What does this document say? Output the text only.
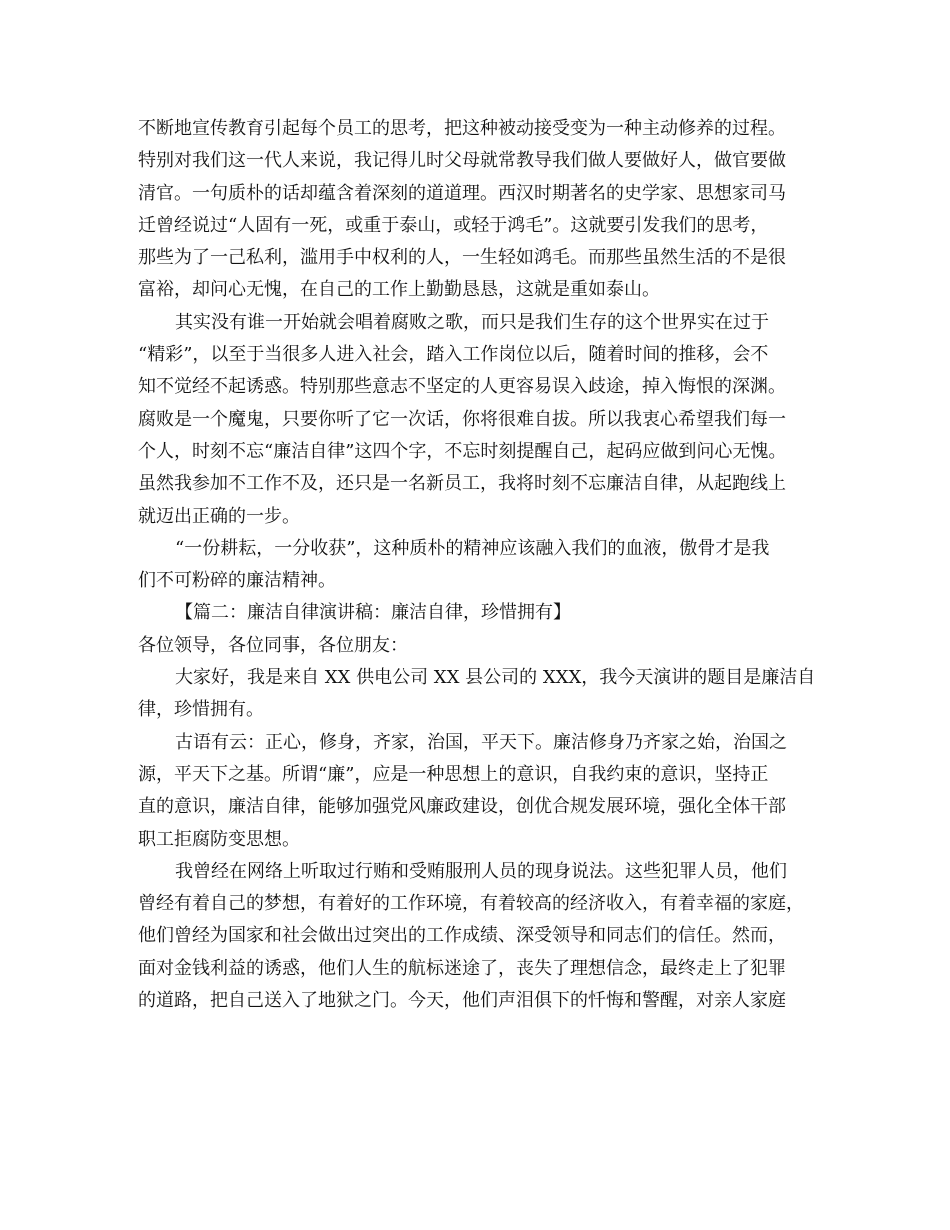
不断地宣传教育引起每个员工的思考，把这种被动接受变为一种主动修养的过程。
特别对我们这一代人来说，我记得儿时父母就常教导我们做人要做好人，做官要做
清官。一句质朴的话却蕴含着深刻的道道理。西汉时期著名的史学家、思想家司马
迁曾经说过“人固有一死，或重于泰山，或轻于鸿毛”。这就要引发我们的思考，
那些为了一己私利，滥用手中权利的人，一生轻如鸿毛。而那些虽然生活的不是很
富裕，却问心无愧，在自己的工作上勤勤恳恳，这就是重如泰山。
其实没有谁一开始就会唱着腐败之歌，而只是我们生存的这个世界实在过于
“精彩”，以至于当很多人进入社会，踏入工作岗位以后，随着时间的推移，会不
知不觉经不起诱惑。特别那些意志不坚定的人更容易误入歧途，掉入悔恨的深渊。
腐败是一个魔鬼，只要你听了它一次话，你将很难自拔。所以我衷心希望我们每一
个人，时刻不忘“廉洁自律”这四个字，不忘时刻提醒自己，起码应做到问心无愧。
虽然我参加不工作不及，还只是一名新员工，我将时刻不忘廉洁自律，从起跑线上
就迈出正确的一步。
“一份耕耘，一分收获”，这种质朴的精神应该融入我们的血液，傲骨才是我
们不可粉碎的廉洁精神。
【篇二：廉洁自律演讲稿：廉洁自律，珍惜拥有】
各位领导，各位同事，各位朋友：
大家好，我是来自 XX 供电公司 XX 县公司的 XXX，我今天演讲的题目是廉洁自
律，珍惜拥有。
古语有云：正心，修身，齐家，治国，平天下。廉洁修身乃齐家之始，治国之
源，平天下之基。所谓“廉”，应是一种思想上的意识，自我约束的意识，坚持正
直的意识，廉洁自律，能够加强党风廉政建设，创优合规发展环境，强化全体干部
职工拒腐防变思想。
我曾经在网络上听取过行贿和受贿服刑人员的现身说法。这些犯罪人员，他们
曾经有着自己的梦想，有着好的工作环境，有着较高的经济收入，有着幸福的家庭，
他们曾经为国家和社会做出过突出的工作成绩、深受领导和同志们的信任。然而，
面对金钱利益的诱惑，他们人生的航标迷途了，丧失了理想信念，最终走上了犯罪
的道路，把自己送入了地狱之门。今天，他们声泪俱下的忏悔和警醒，对亲人家庭
